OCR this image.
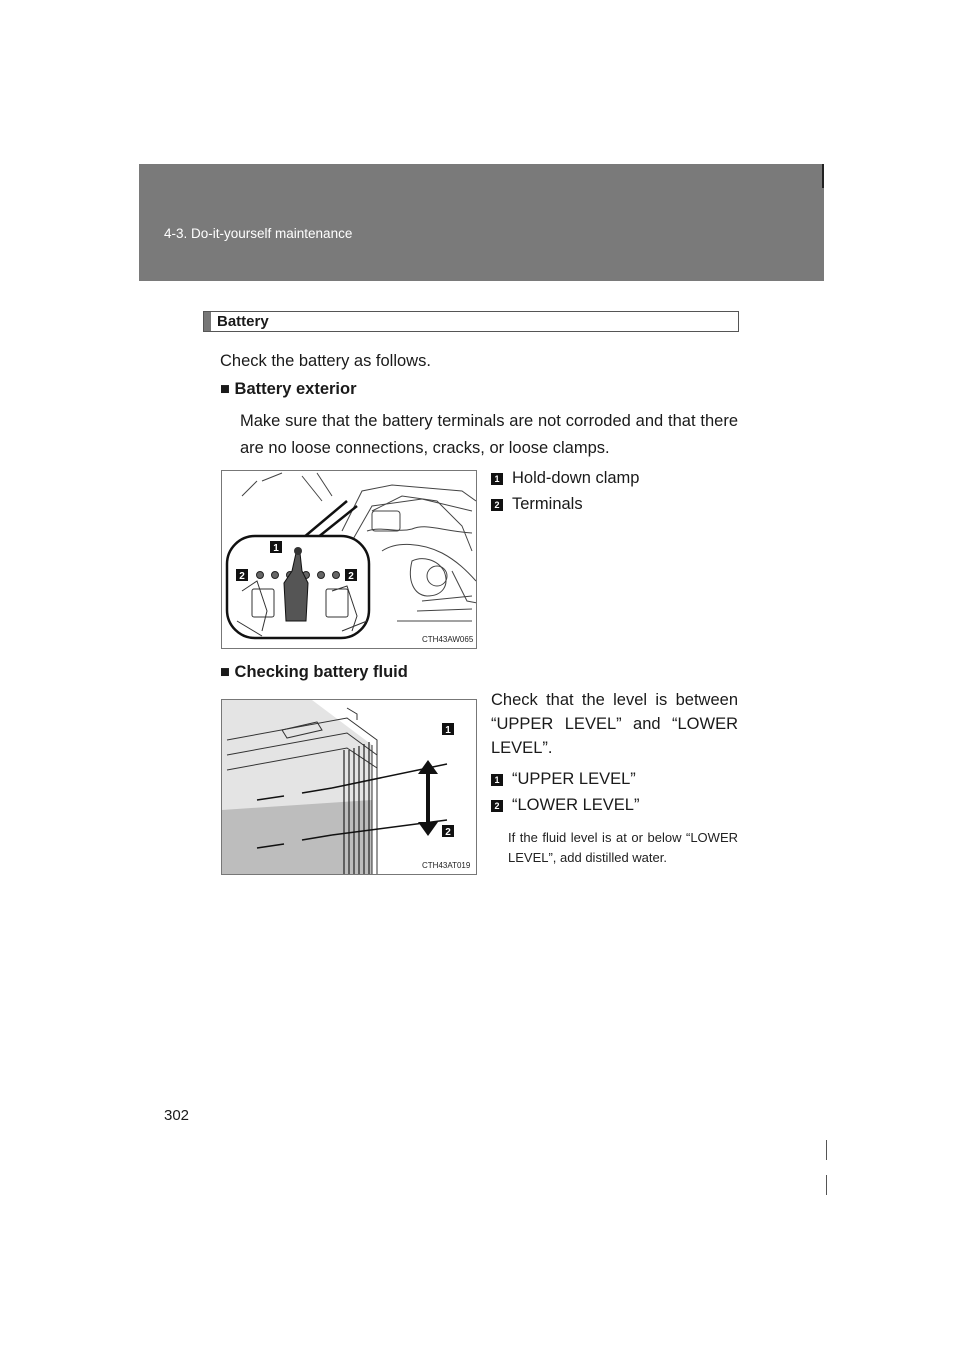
4-3. Do-it-yourself maintenance
Battery
Check the battery as follows.
■ Battery exterior
Make sure that the battery terminals are not corroded and that there are no loose connections, cracks, or loose clamps.
1
2	2
CTH43AW065
1 Hold-down clamp
2 Terminals
■ Checking battery fluid
1
2
CTH43AT019
Check that the level is between “UPPER LEVEL” and “LOWER LEVEL”.
1 “UPPER LEVEL”
2 “LOWER LEVEL”
If the fluid level is at or below “LOWER LEVEL”, add distilled water.
302
